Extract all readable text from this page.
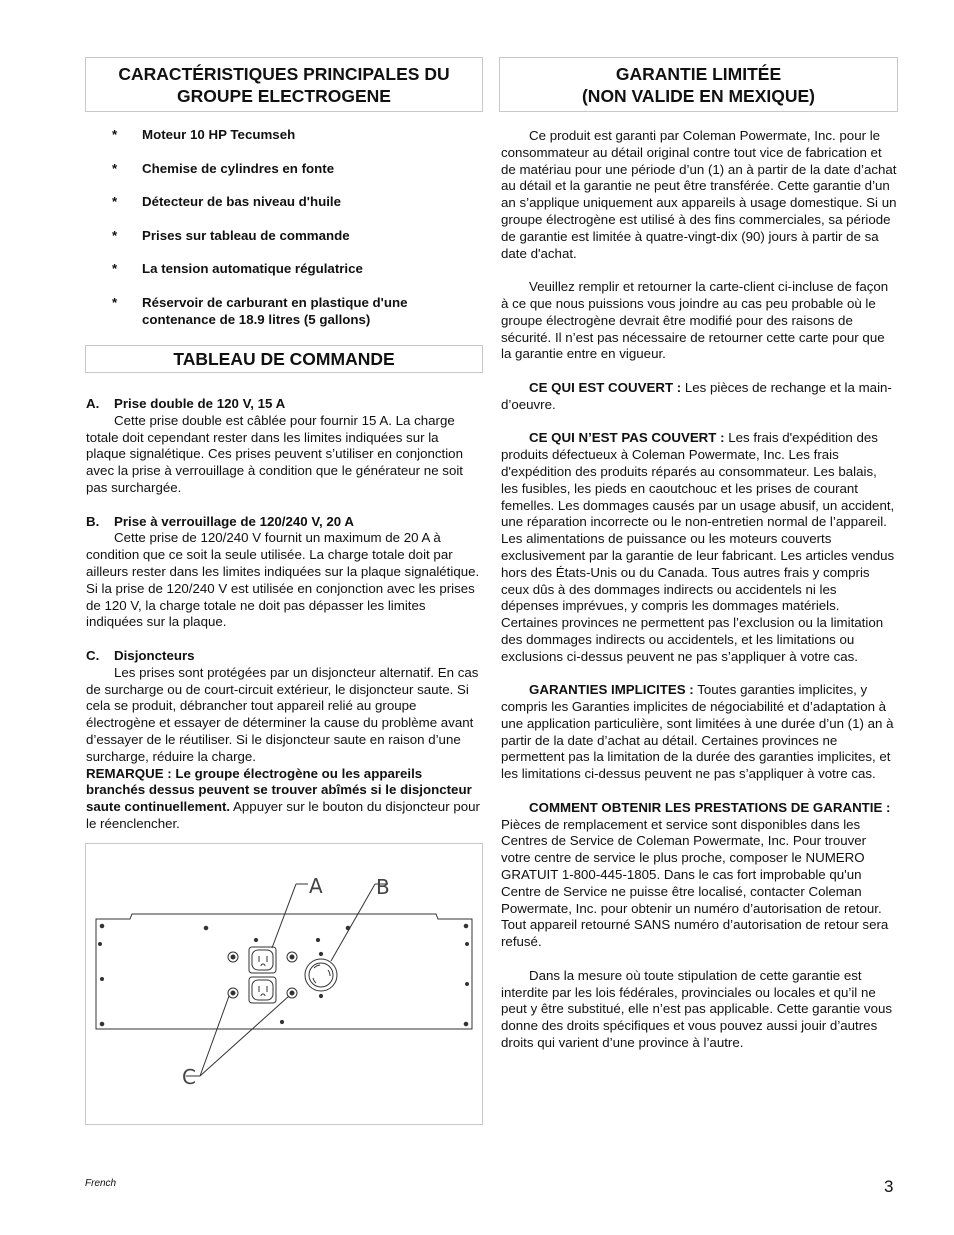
CARACTÉRISTIQUES PRINCIPALES DU
GROUPE ELECTROGENE
* Moteur 10 HP Tecumseh
* Chemise de cylindres en fonte
* Détecteur de bas niveau d'huile
* Prises sur tableau de commande
* La tension automatique régulatrice
* Réservoir de carburant en plastique d'une contenance de 18.9 litres (5 gallons)
TABLEAU DE COMMANDE
A. Prise double de 120 V, 15 A

Cette prise double est câblée pour fournir 15 A. La charge totale doit cependant rester dans les limites indiquées sur la plaque signalétique. Ces prises peuvent s’utiliser en conjonction avec la prise à verrouillage à condition que le générateur ne soit pas surchargée.

B. Prise à verrouillage de 120/240 V, 20 A

Cette prise de 120/240 V fournit un maximum de 20 A à condition que ce soit la seule utilisée. La charge totale doit par ailleurs rester dans les limites indiquées sur la plaque signalétique. Si la prise de 120/240 V est utilisée en conjonction avec les prises de 120 V, la charge totale ne doit pas dépasser les limites indiquées sur la plaque.

C. Disjoncteurs

Les prises sont protégées par un disjoncteur alternatif. En cas de surcharge ou de court-circuit extérieur, le disjoncteur saute. Si cela se produit, débrancher tout appareil relié au groupe électrogène et essayer de déterminer la cause du problème avant d’essayer de le réutiliser. Si le disjoncteur saute en raison d’une surcharge, réduire la charge.

REMARQUE : Le groupe électrogène ou les appareils branchés dessus peuvent se trouver abîmés si le disjoncteur saute continuellement. Appuyer sur le bouton du disjoncteur pour le réenclencher.

A	B
C
GARANTIE LIMITÉE
(NON VALIDE EN MEXIQUE)

Ce produit est garanti par Coleman Powermate, Inc. pour le consommateur au détail original contre tout vice de fabrication et de matériau pour une période d’un (1) an à partir de la date d’achat au détail et la garantie ne peut être transférée. Cette garantie d’un an s’applique uniquement aux appareils à usage domestique. Si un groupe électrogène est utilisé à des fins commerciales, sa période de garantie est limitée à quatre-vingt-dix (90) jours à partir de sa date d'achat.

Veuillez remplir et retourner la carte-client ci-incluse de façon à ce que nous puissions vous joindre au cas peu probable où le groupe électrogène devrait être modifié pour des raisons de sécurité. Il n’est pas nécessaire de retourner cette carte pour que la garantie entre en vigueur.

CE QUI EST COUVERT : Les pièces de rechange et la main-d’oeuvre.

CE QUI N’EST PAS COUVERT : Les frais d'expédition des produits défectueux à Coleman Powermate, Inc. Les frais d'expédition des produits réparés au consommateur. Les balais, les fusibles, les pieds en caoutchouc et les prises de courant femelles. Les dommages causés par un usage abusif, un accident, une réparation incorrecte ou le non-entretien normal de l’appareil. Les alimentations de puissance ou les moteurs couverts exclusivement par la garantie de leur fabricant. Les articles vendus hors des États-Unis ou du Canada. Tous autres frais y compris ceux dûs à des dommages indirects ou accidentels ni les dépenses imprévues, y compris les dommages matériels. Certaines provinces ne permettent pas l’exclusion ou la limitation des dommages indirects ou accidentels, et les limitations ou exclusions ci-dessus peuvent ne pas s’appliquer à votre cas.

GARANTIES IMPLICITES : Toutes garanties implicites, y compris les Garanties implicites de négociabilité et d’adaptation à une application particulière, sont limitées à une durée d’un (1) an à partir de la date d’achat au détail. Certaines provinces ne permettent pas la limitation de la durée des garanties implicites, et les limitations ci-dessus peuvent ne pas s’appliquer à votre cas.

COMMENT OBTENIR LES PRESTATIONS DE GARANTIE : Pièces de remplacement et service sont disponibles dans les Centres de Service de Coleman Powermate, Inc. Pour trouver votre centre de service le plus proche, composer le NUMERO GRATUIT 1-800-445-1805. Dans le cas fort improbable qu'un Centre de Service ne puisse être localisé, contacter Coleman Powermate, Inc. pour obtenir un numéro d’autorisation de retour. Tout appareil retourné SANS numéro d’autorisation de retour sera refusé.

Dans la mesure où toute stipulation de cette garantie est interdite par les lois fédérales, provinciales ou locales et qu’il ne peut y être substitué, elle n’est pas applicable. Cette garantie vous donne des droits spécifiques et vous pouvez aussi jouir d’autres droits qui varient d’une province à l’autre.

French	3
